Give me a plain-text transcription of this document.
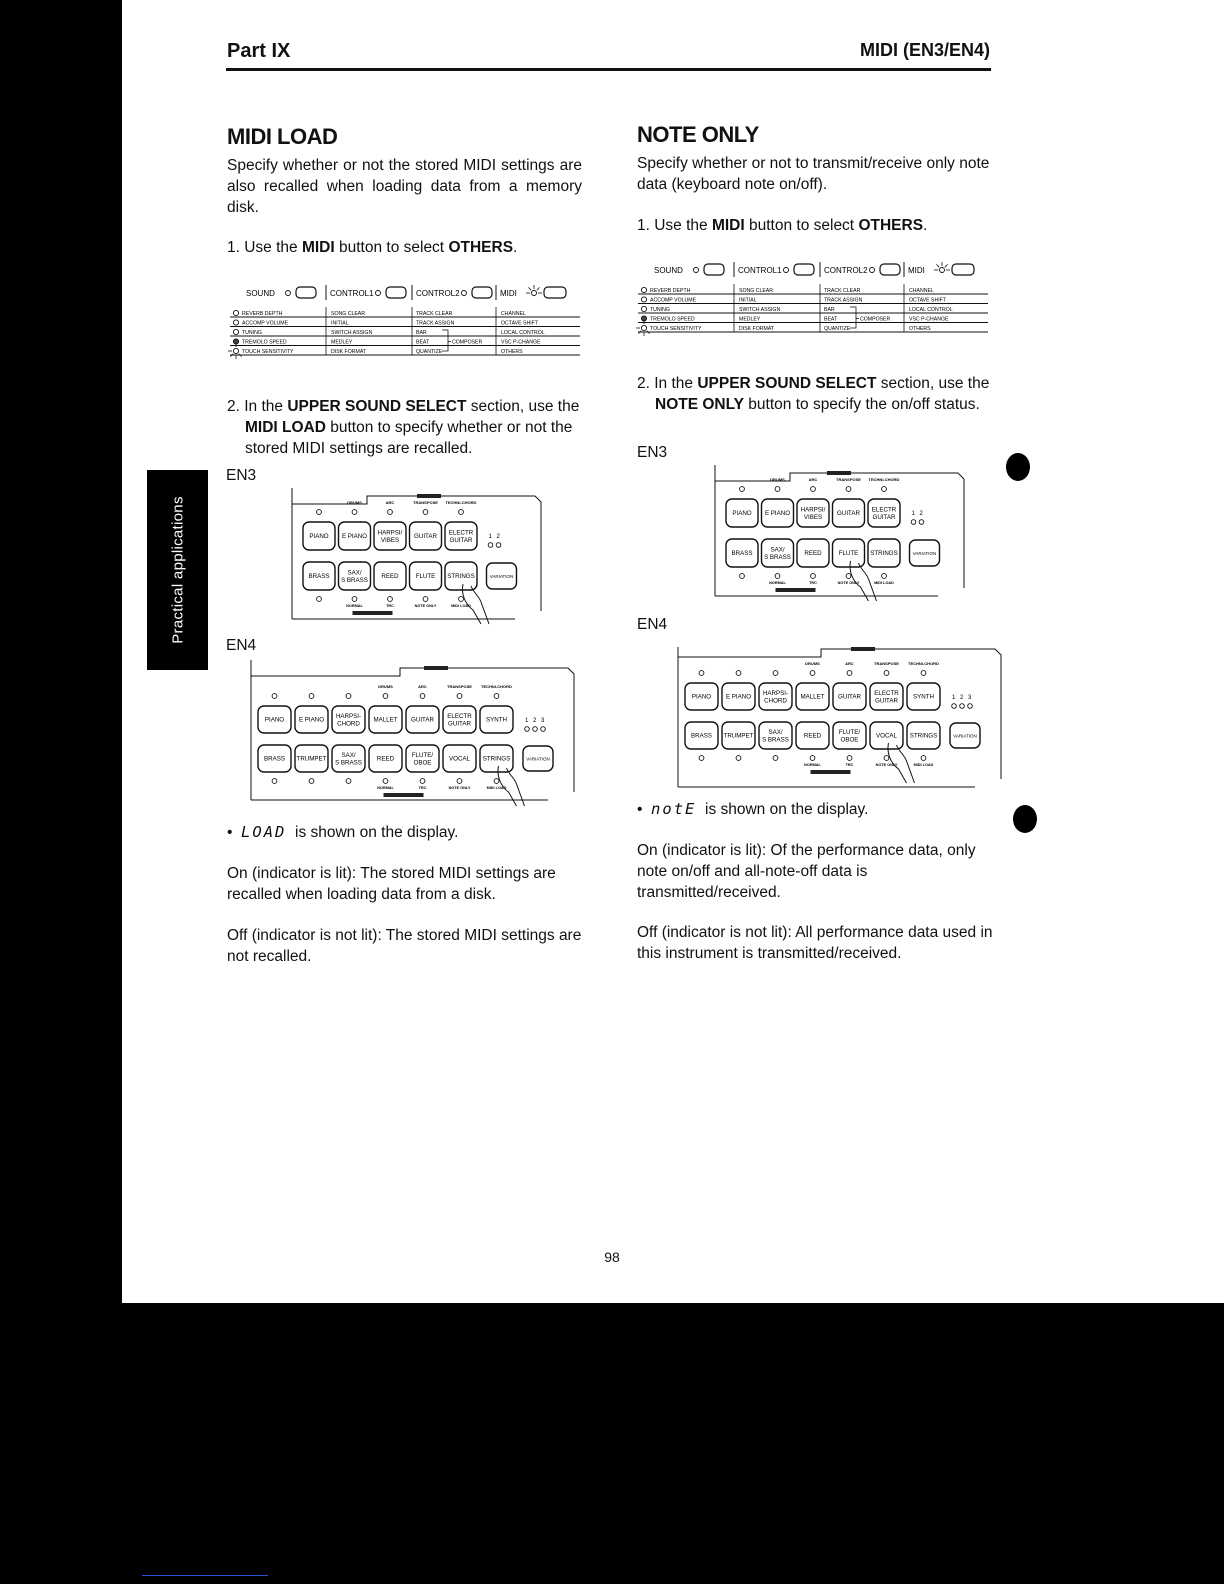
Practical applications
Part IX	MIDI (EN3/EN4)
MIDI LOAD
Specify whether or not the stored MIDI settings are also recalled when loading data from a memory disk.
1. Use the MIDI button to select OTHERS.
SOUND	CONTROL1	CONTROL2	MIDI
REVERB DEPTH	SONG CLEAR	TRACK CLEAR	CHANNEL
ACCOMP VOLUME	INITIAL	TRACK ASSIGN	OCTAVE SHIFT
TUNING	SWITCH ASSIGN	BAR	LOCAL CONTROL
TREMOLO SPEED	MEDLEY	BEAT	VSC P-CHANGE
TOUCH SENSITIVITY	DISK FORMAT	QUANTIZE	OTHERS
COMPOSER
2. In the UPPER SOUND SELECT section, use the MIDI LOAD button to specify whether or not the stored MIDI settings are recalled.
EN3
DRUMS	ARC	TRANSPOSE TECHNI-CHORD
PIANO
BRASS
E PIANO
SAX/
S BRASS
HARPSI/
VIBES
REED
GUITAR
FLUTE
ELECTR
GUITAR
STRINGS
NORMAL	TRC	NOTE ONLY	MIDI LOAD
1 2
VARIATION
EN4
DRUMS	ARC	TRANSPOSE TECHNI-CHORD
PIANO
BRASS
E PIANO
TRUMPET
HARPSI-
CHORD
SAX/
S BRASS
MALLET
REED
GUITAR
FLUTE/
OBOE
ELECTR
GUITAR
VOCAL
SYNTH
STRINGS
NORMAL	TRC	NOTE ONLY	MIDI LOAD
1 2 3
VARIATION
•  LOAD is shown on the display.
On (indicator is lit): The stored MIDI settings are recalled when loading data from a disk.
Off (indicator is not lit): The stored MIDI settings are not recalled.
NOTE ONLY
Specify whether or not to transmit/receive only note data (keyboard note on/off).
1. Use the MIDI button to select OTHERS.
SOUND	CONTROL1	CONTROL2	MIDI
REVERB DEPTH	SONG CLEAR	TRACK CLEAR	CHANNEL
ACCOMP VOLUME	INITIAL	TRACK ASSIGN	OCTAVE SHIFT
TUNING	SWITCH ASSIGN	BAR	LOCAL CONTROL
TREMOLO SPEED	MEDLEY	BEAT	VSC P-CHANGE
TOUCH SENSITIVITY	DISK FORMAT	QUANTIZE	OTHERS
COMPOSER
2. In the UPPER SOUND SELECT section, use the NOTE ONLY button to specify the on/off status.
EN3
DRUMS	ARC	TRANSPOSE TECHNI-CHORD
PIANO
BRASS
E PIANO
SAX/
S BRASS
HARPSI/
VIBES
REED
GUITAR
FLUTE
ELECTR
GUITAR
STRINGS
NORMAL	TRC	NOTE ONLY	MIDI LOAD
1 2
VARIATION
EN4
DRUMS	ARC	TRANSPOSE TECHNI-CHORD
PIANO
BRASS
E PIANO
TRUMPET
HARPSI-
CHORD
SAX/
S BRASS
MALLET
REED
GUITAR
FLUTE/
OBOE
ELECTR
GUITAR
VOCAL
SYNTH
STRINGS
NORMAL	TRC	NOTE ONLY	MIDI LOAD
1 2 3
VARIATION
•  notE is shown on the display.
On (indicator is lit): Of the performance data, only note on/off and all-note-off data is transmitted/received.
Off (indicator is not lit): All performance data used in this instrument is transmitted/received.
98
